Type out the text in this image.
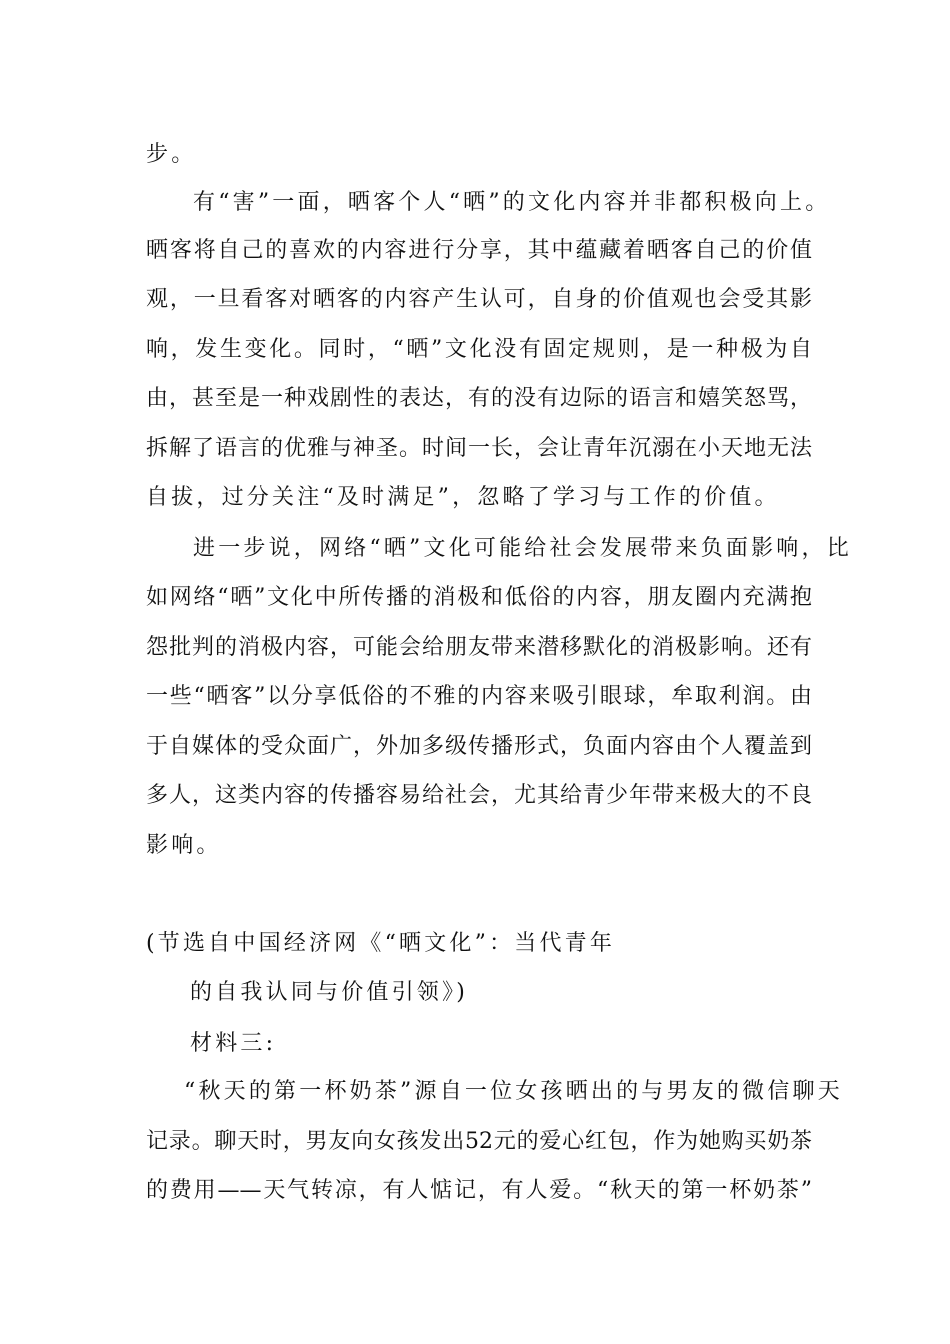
步。
有“害”一面，晒客个人“晒”的文化内容并非都积极向上。
晒客将自己的喜欢的内容进行分享，其中蕴藏着晒客自己的价值
观，一旦看客对晒客的内容产生认可，自身的价值观也会受其影
响，发生变化。同时，“晒”文化没有固定规则，是一种极为自
由，甚至是一种戏剧性的表达，有的没有边际的语言和嬉笑怒骂，
拆解了语言的优雅与神圣。时间一长，会让青年沉溺在小天地无法
自拔，过分关注“及时满足”，忽略了学习与工作的价值。
进一步说，网络“晒”文化可能给社会发展带来负面影响，比
如网络“晒”文化中所传播的消极和低俗的内容，朋友圈内充满抱
怨批判的消极内容，可能会给朋友带来潜移默化的消极影响。还有
一些“晒客”以分享低俗的不雅的内容来吸引眼球，牟取利润。由
于自媒体的受众面广，外加多级传播形式，负面内容由个人覆盖到
多人，这类内容的传播容易给社会，尤其给青少年带来极大的不良
影响。
(节选自中国经济网《“晒文化”：当代青年
的自我认同与价值引领》)
材料三:
“秋天的第一杯奶茶”源自一位女孩晒出的与男友的微信聊天
记录。聊天时，男友向女孩发出52元的爱心红包，作为她购买奶茶
的费用——天气转凉，有人惦记，有人爱。“秋天的第一杯奶茶”
